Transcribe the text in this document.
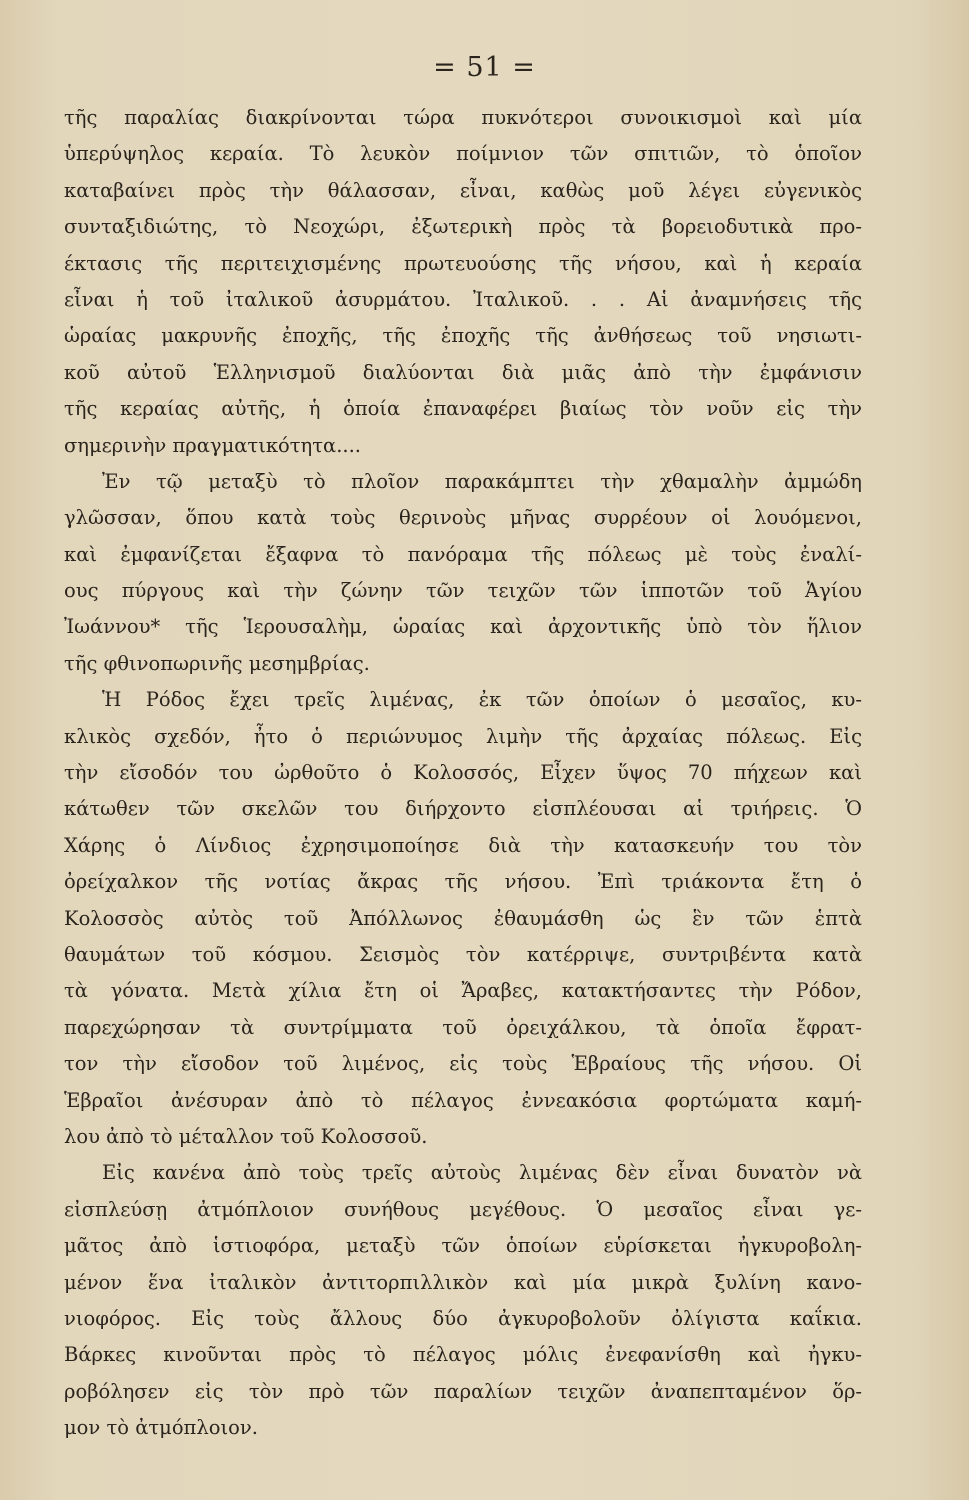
= 51 =
τῆς παραλίας διακρίνονται τώρα πυκνότεροι συνοικισμοὶ καὶ μία
ὑπερύψηλος κεραία. Τὸ λευκὸν ποίμνιον τῶν σπιτιῶν, τὸ ὁποῖον
καταβαίνει πρὸς τὴν θάλασσαν, εἶναι, καθὼς μοῦ λέγει εὐγενικὸς
συνταξιδιώτης, τὸ Νεοχώρι, ἐξωτερικὴ πρὸς τὰ βορειοδυτικὰ προ-
έκτασις τῆς περιτειχισμένης πρωτευούσης τῆς νήσου, καὶ ἡ κεραία
εἶναι ἡ τοῦ ἰταλικοῦ ἀσυρμάτου. Ἰταλικοῦ. . . Αἱ ἀναμνήσεις τῆς
ὡραίας μακρυνῆς ἐποχῆς, τῆς ἐποχῆς τῆς ἀνθήσεως τοῦ νησιωτι-
κοῦ αὐτοῦ Ἑλληνισμοῦ διαλύονται διὰ μιᾶς ἀπὸ τὴν ἐμφάνισιν
τῆς κεραίας αὐτῆς, ἡ ὁποία ἐπαναφέρει βιαίως τὸν νοῦν εἰς τὴν
σημερινὴν πραγματικότητα....
Ἐν τῷ μεταξὺ τὸ πλοῖον παρακάμπτει τὴν χθαμαλὴν ἀμμώδη
γλῶσσαν, ὅπου κατὰ τοὺς θερινοὺς μῆνας συρρέουν οἱ λουόμενοι,
καὶ ἐμφανίζεται ἔξαφνα τὸ πανόραμα τῆς πόλεως μὲ τοὺς ἐναλί-
ους πύργους καὶ τὴν ζώνην τῶν τειχῶν τῶν ἱπποτῶν τοῦ Ἁγίου
Ἰωάννου* τῆς Ἱερουσαλὴμ, ὡραίας καὶ ἀρχοντικῆς ὑπὸ τὸν ἥλιον
τῆς φθινοπωρινῆς μεσημβρίας.
Ἡ Ρόδος ἔχει τρεῖς λιμένας, ἐκ τῶν ὁποίων ὁ μεσαῖος, κυ-
κλικὸς σχεδόν, ἦτο ὁ περιώνυμος λιμὴν τῆς ἀρχαίας πόλεως. Εἰς
τὴν εἴσοδόν του ὠρθοῦτο ὁ Κολοσσός, Εἶχεν ὕψος 70 πήχεων καὶ
κάτωθεν τῶν σκελῶν του διήρχοντο εἰσπλέουσαι αἱ τριήρεις. Ὁ
Χάρης ὁ Λίνδιος ἐχρησιμοποίησε διὰ τὴν κατασκευήν του τὸν
ὀρείχαλκον τῆς νοτίας ἄκρας τῆς νήσου. Ἐπὶ τριάκοντα ἔτη ὁ
Κολοσσὸς αὐτὸς τοῦ Ἀπόλλωνος ἐθαυμάσθη ὡς ἓν τῶν ἑπτὰ
θαυμάτων τοῦ κόσμου. Σεισμὸς τὸν κατέρριψε, συντριβέντα κατὰ
τὰ γόνατα. Μετὰ χίλια ἔτη οἱ Ἄραβες, κατακτήσαντες τὴν Ρόδον,
παρεχώρησαν τὰ συντρίμματα τοῦ ὀρειχάλκου, τὰ ὁποῖα ἔφρατ-
τον τὴν εἴσοδον τοῦ λιμένος, εἰς τοὺς Ἑβραίους τῆς νήσου. Οἱ
Ἑβραῖοι ἀνέσυραν ἀπὸ τὸ πέλαγος ἐννεακόσια φορτώματα καμή-
λου ἀπὸ τὸ μέταλλον τοῦ Κολοσσοῦ.
Εἰς κανένα ἀπὸ τοὺς τρεῖς αὐτοὺς λιμένας δὲν εἶναι δυνατὸν νὰ
εἰσπλεύσῃ ἀτμόπλοιον συνήθους μεγέθους. Ὁ μεσαῖος εἶναι γε-
μᾶτος ἀπὸ ἱστιοφόρα, μεταξὺ τῶν ὁποίων εὑρίσκεται ἠγκυροβολη-
μένον ἕνα ἰταλικὸν ἀντιτορπιλλικὸν καὶ μία μικρὰ ξυλίνη κανο-
νιοφόρος. Εἰς τοὺς ἄλλους δύο ἀγκυροβολοῦν ὀλίγιστα καΐκια.
Βάρκες κινοῦνται πρὸς τὸ πέλαγος μόλις ἐνεφανίσθη καὶ ἠγκυ-
ροβόλησεν εἰς τὸν πρὸ τῶν παραλίων τειχῶν ἀναπεπταμένον ὅρ-
μον τὸ ἀτμόπλοιον.
